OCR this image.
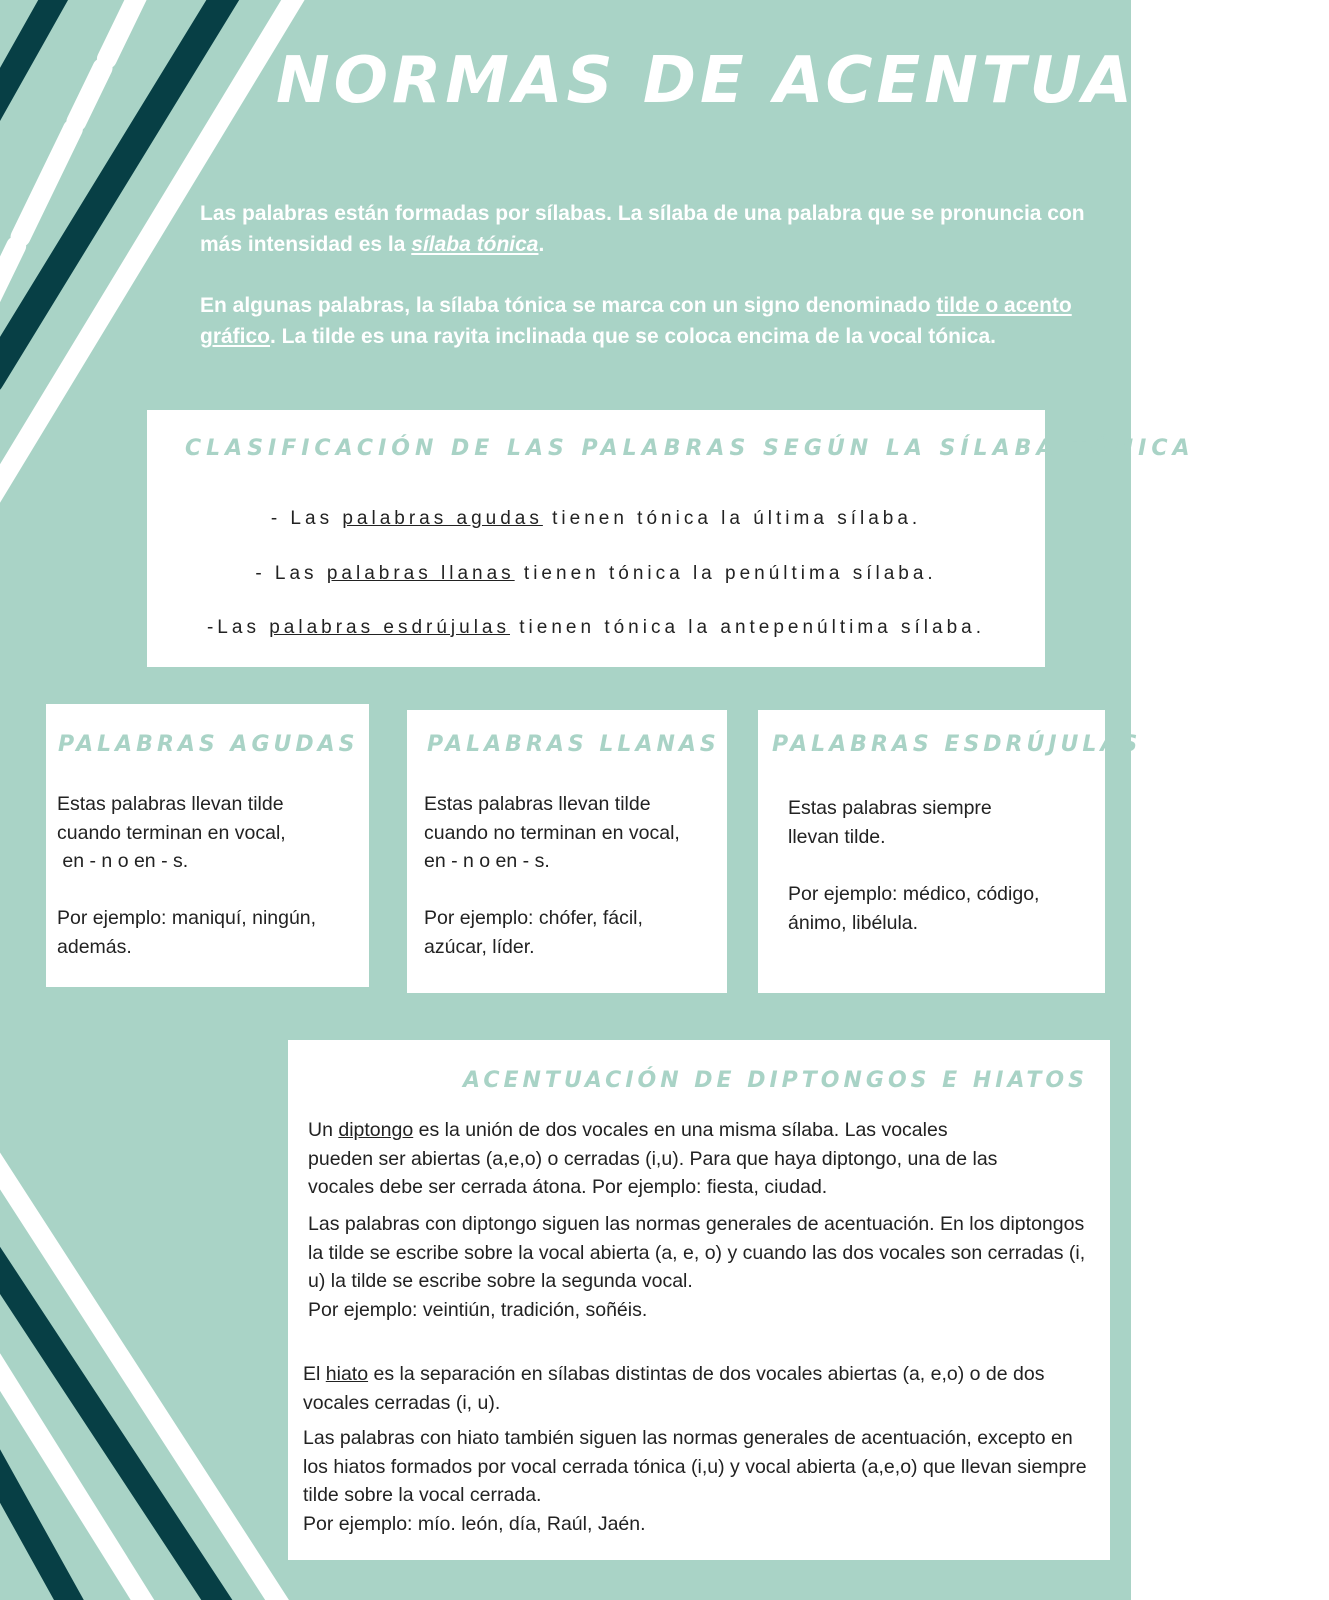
NORMAS DE ACENTUACIÓN

Las palabras están formadas por sílabas. La sílaba de una palabra que se pronuncia con más intensidad es la sílaba tónica.

En algunas palabras, la sílaba tónica se marca con un signo denominado tilde o acento gráfico. La tilde es una rayita inclinada que se coloca encima de la vocal tónica.

CLASIFICACIÓN DE LAS PALABRAS SEGÚN LA SÍLABA TÓNICA

- Las palabras agudas tienen tónica la última sílaba.

- Las palabras llanas tienen tónica la penúltima sílaba.

-Las palabras esdrújulas tienen tónica la antepenúltima sílaba.

PALABRAS AGUDAS

Estas palabras llevan tilde
cuando terminan en vocal,
en - n o en - s.

Por ejemplo: maniquí, ningún,
además.

PALABRAS LLANAS

Estas palabras llevan tilde
cuando no terminan en vocal,
en - n o en - s.

Por ejemplo: chófer, fácil,
azúcar, líder.

PALABRAS ESDRÚJULAS

Estas palabras siempre
llevan tilde.

Por ejemplo: médico, código,
ánimo, libélula.

ACENTUACIÓN DE DIPTONGOS E HIATOS

Un diptongo es la unión de dos vocales en una misma sílaba. Las vocales pueden ser abiertas (a,e,o) o cerradas (i,u). Para que haya diptongo, una de las vocales debe ser cerrada átona. Por ejemplo: fiesta, ciudad.

Las palabras con diptongo siguen las normas generales de acentuación. En los diptongos la tilde se escribe sobre la vocal abierta (a, e, o) y cuando las dos vocales son cerradas (i, u) la tilde se escribe sobre la segunda vocal.
Por ejemplo: veintiún, tradición, soñéis.

El hiato es la separación en sílabas distintas de dos vocales abiertas (a, e,o) o de dos vocales cerradas (i, u).

Las palabras con hiato también siguen las normas generales de acentuación, excepto en los hiatos formados por vocal cerrada tónica (i,u) y vocal abierta (a,e,o) que llevan siempre tilde sobre la vocal cerrada.
Por ejemplo: mío. león, día, Raúl, Jaén.
